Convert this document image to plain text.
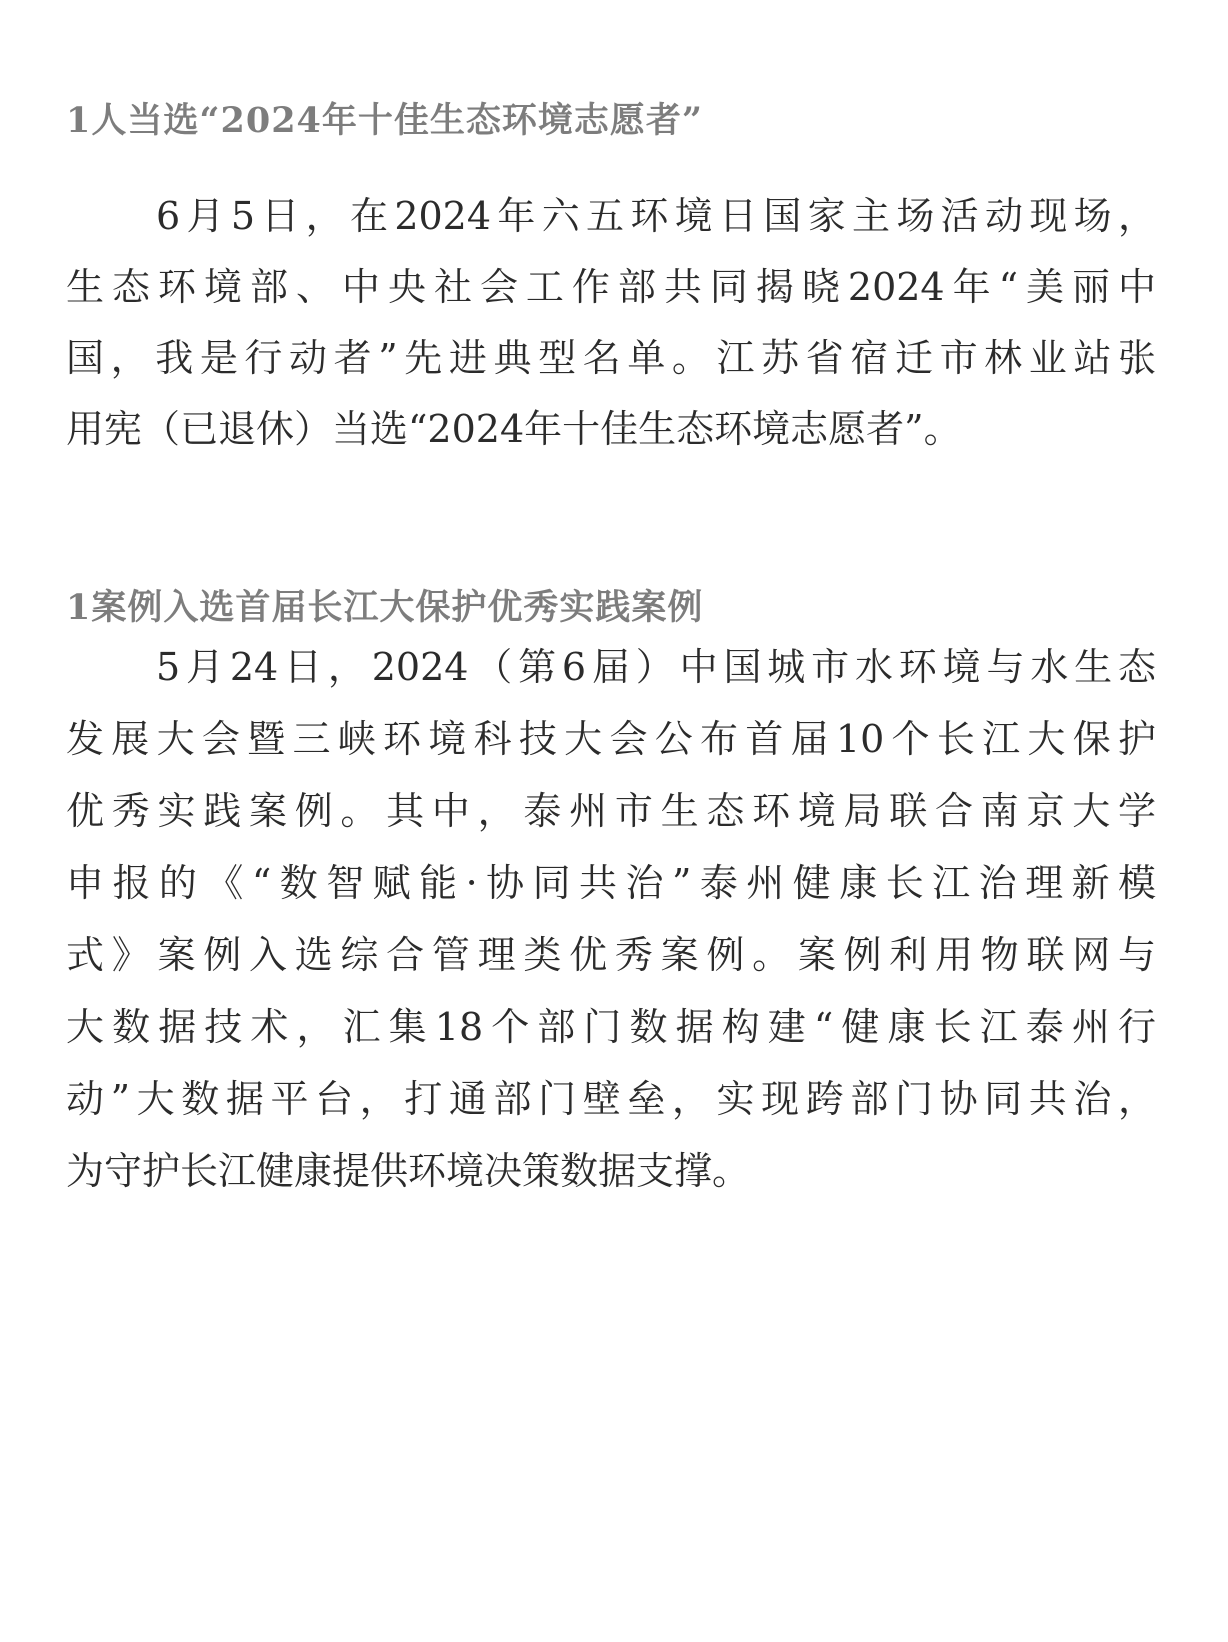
1人当选“2024年十佳生态环境志愿者”
6月5日，在2024年六五环境日国家主场活动现场，
生态环境部、中央社会工作部共同揭晓2024年“美丽中
国，我是行动者”先进典型名单。江苏省宿迁市林业站张
用宪（已退休）当选“2024年十佳生态环境志愿者”。
1案例入选首届长江大保护优秀实践案例
5月24日，2024（第6届）中国城市水环境与水生态
发展大会暨三峡环境科技大会公布首届10个长江大保护
优秀实践案例。其中，泰州市生态环境局联合南京大学
申报的《“数智赋能·协同共治”泰州健康长江治理新模
式》案例入选综合管理类优秀案例。案例利用物联网与
大数据技术，汇集18个部门数据构建“健康长江泰州行
动”大数据平台，打通部门壁垒，实现跨部门协同共治，
为守护长江健康提供环境决策数据支撑。
